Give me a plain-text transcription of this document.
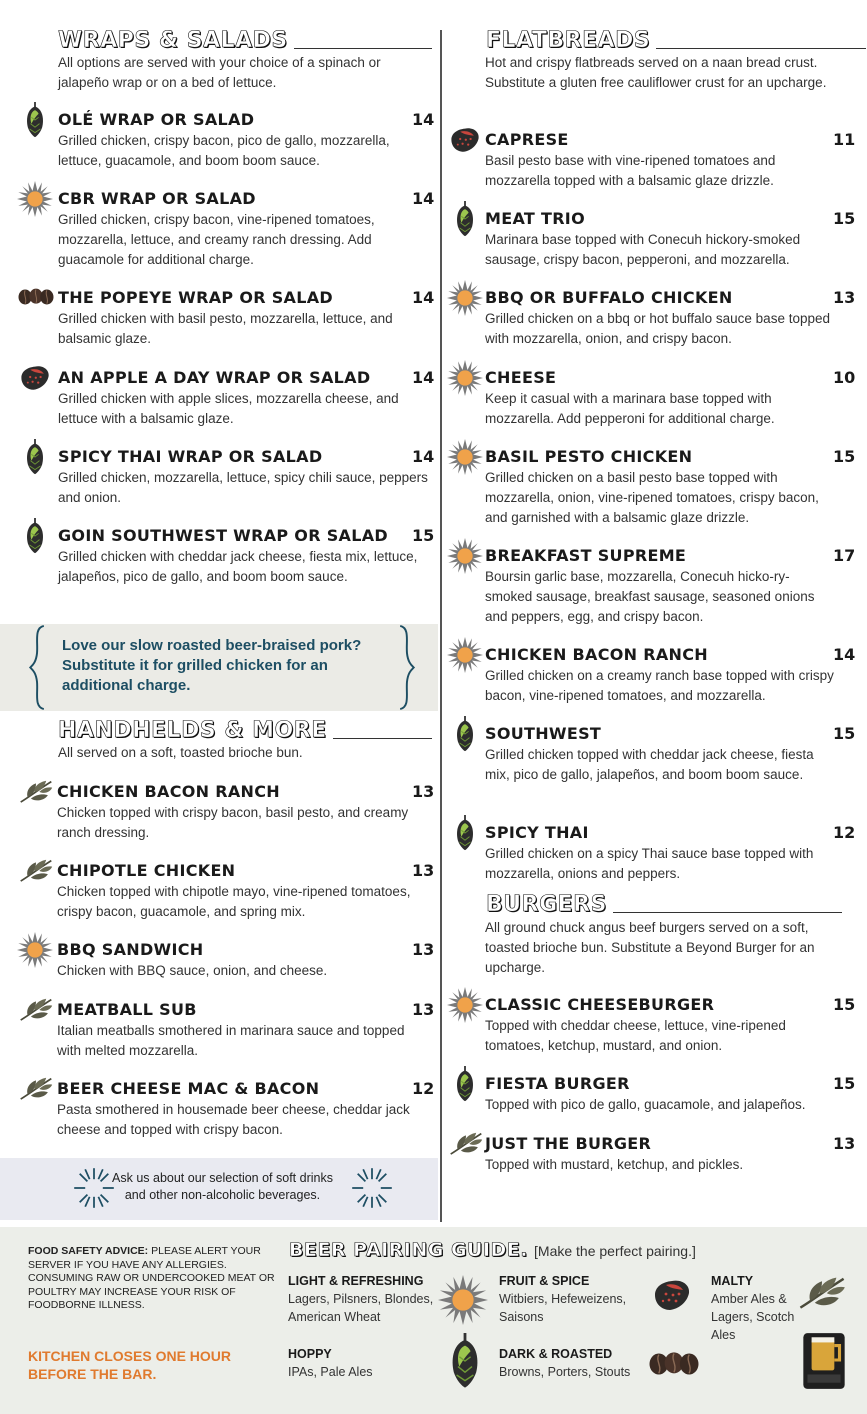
WRAPS & SALADS
All options are served with your choice of a spinach or jalapeño wrap or on a bed of lettuce.
OLÉ WRAP OR SALAD	14
Grilled chicken, crispy bacon, pico de gallo, mozzarella, lettuce, guacamole, and boom boom sauce.
CBR WRAP OR SALAD	14
Grilled chicken, crispy bacon, vine-ripened tomatoes, mozzarella, lettuce, and creamy ranch dressing. Add guacamole for additional charge.
THE POPEYE WRAP OR SALAD	14
Grilled chicken with basil pesto, mozzarella, lettuce, and balsamic glaze.
AN APPLE A DAY WRAP OR SALAD	14
Grilled chicken with apple slices, mozzarella cheese, and lettuce with a balsamic glaze.
SPICY THAI WRAP OR SALAD	14
Grilled chicken, mozzarella, lettuce, spicy chili sauce, peppers and onion.
GOIN SOUTHWEST WRAP OR SALAD 15
Grilled chicken with cheddar jack cheese, fiesta mix, lettuce, jalapeños, pico de gallo, and boom boom sauce.
Love our slow roasted beer-braised pork? Substitute it for grilled chicken for an additional charge.
HANDHELDS & MORE
All served on a soft, toasted brioche bun.
CHICKEN BACON RANCH	13
Chicken topped with crispy bacon, basil pesto, and creamy ranch dressing.
CHIPOTLE CHICKEN	13
Chicken topped with chipotle mayo, vine-ripened tomatoes, crispy bacon, guacamole, and spring mix.
BBQ SANDWICH	13
Chicken with BBQ sauce, onion, and cheese.
MEATBALL SUB	13
Italian meatballs smothered in marinara sauce and topped with melted mozzarella.
BEER CHEESE MAC & BACON	12
Pasta smothered in housemade beer cheese, cheddar jack cheese and topped with crispy bacon.
Ask us about our selection of soft drinks and other non-alcoholic beverages.
FLATBREADS
Hot and crispy flatbreads served on a naan bread crust. Substitute a gluten free cauliflower crust for an upcharge.
CAPRESE	11
Basil pesto base with vine-ripened tomatoes and mozzarella topped with a balsamic glaze drizzle.
MEAT TRIO	15
Marinara base topped with Conecuh hickory-smoked sausage, crispy bacon, pepperoni, and mozzarella.
BBQ OR BUFFALO CHICKEN	13
Grilled chicken on a bbq or hot buffalo sauce base topped with mozzarella, onion, and crispy bacon.
CHEESE	10
Keep it casual with a marinara base topped with mozzarella. Add pepperoni for additional charge.
BASIL PESTO CHICKEN	15
Grilled chicken on a basil pesto base topped with mozzarella, onion, vine-ripened tomatoes, crispy bacon, and garnished with a balsamic glaze drizzle.
BREAKFAST SUPREME	17
Boursin garlic base, mozzarella, Conecuh hicko-ry-smoked sausage, breakfast sausage, seasoned onions and peppers, egg, and crispy bacon.
CHICKEN BACON RANCH	14
Grilled chicken on a creamy ranch base topped with crispy bacon, vine-ripened tomatoes, and mozzarella.
SOUTHWEST	15
Grilled chicken topped with cheddar jack cheese, fiesta mix, pico de gallo, jalapeños, and boom boom sauce.
SPICY THAI	12
Grilled chicken on a spicy Thai sauce base topped with mozzarella, onions and peppers.
BURGERS
All ground chuck angus beef burgers served on a soft, toasted brioche bun. Substitute a Beyond Burger for an upcharge.
CLASSIC CHEESEBURGER	15
Topped with cheddar cheese, lettuce, vine-ripened tomatoes, ketchup, mustard, and onion.
FIESTA BURGER	15
Topped with pico de gallo, guacamole, and jalapeños.
JUST THE BURGER	13
Topped with mustard, ketchup, and pickles.
FOOD SAFETY ADVICE: PLEASE ALERT YOUR SERVER IF YOU HAVE ANY ALLERGIES. CONSUMING RAW OR UNDERCOOKED MEAT OR POULTRY MAY INCREASE YOUR RISK OF FOODBORNE ILLNESS.
KITCHEN CLOSES ONE HOUR BEFORE THE BAR.
BEER PAIRING GUIDE. [Make the perfect pairing.]
LIGHT & REFRESHING
Lagers, Pilsners, Blondes, American Wheat
HOPPY
IPAs, Pale Ales
FRUIT & SPICE
Witbiers, Hefeweizens, Saisons
DARK & ROASTED
Browns, Porters, Stouts
MALTY
Amber Ales & Lagers, Scotch Ales
